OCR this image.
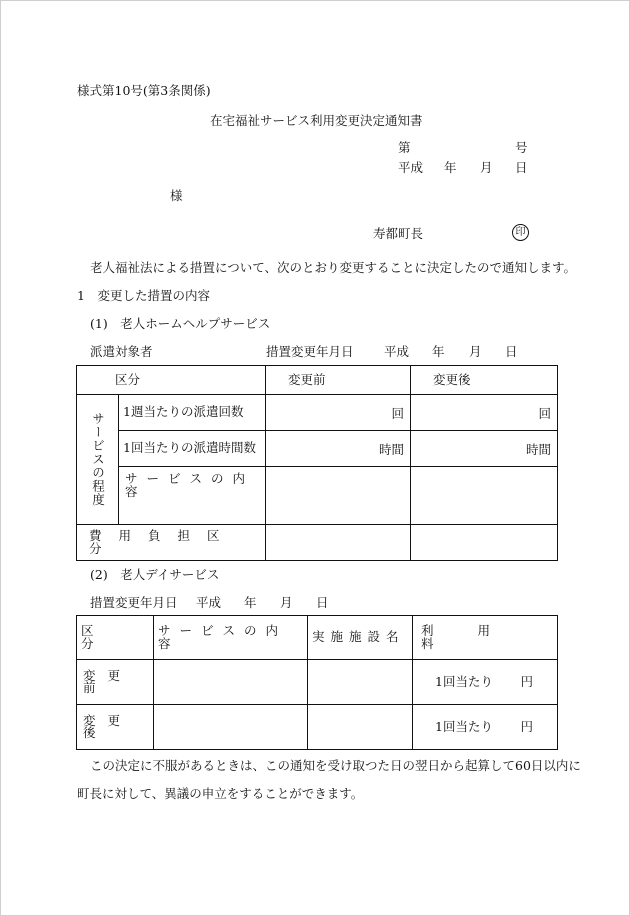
様式第10号(第3条関係)
在宅福祉サービス利用変更決定通知書
第	号
平成 年 月 日
様
寿都町長	印
老人福祉法による措置について、次のとおり変更することに決定したので通知します。
1　変更した措置の内容
(1)　老人ホームヘルプサービス
派遣対象者	措置変更年月日 平成 年 月 日
区分		変更前	変更後

サービスの程度	1週当たりの派遣回数	回	回

	1回当たりの派遣時間数	時間	時間

	サービスの内容		

費用負担区分			

(2)　老人デイサービス
措置変更年月日 平成 年 月 日
区分	サービスの内容	実施施設名	利用料

変更前			1回当たり 円

変更後			1回当たり 円
この決定に不服があるときは、この通知を受け取つた日の翌日から起算して60日以内に
町長に対して、異議の申立をすることができます。
